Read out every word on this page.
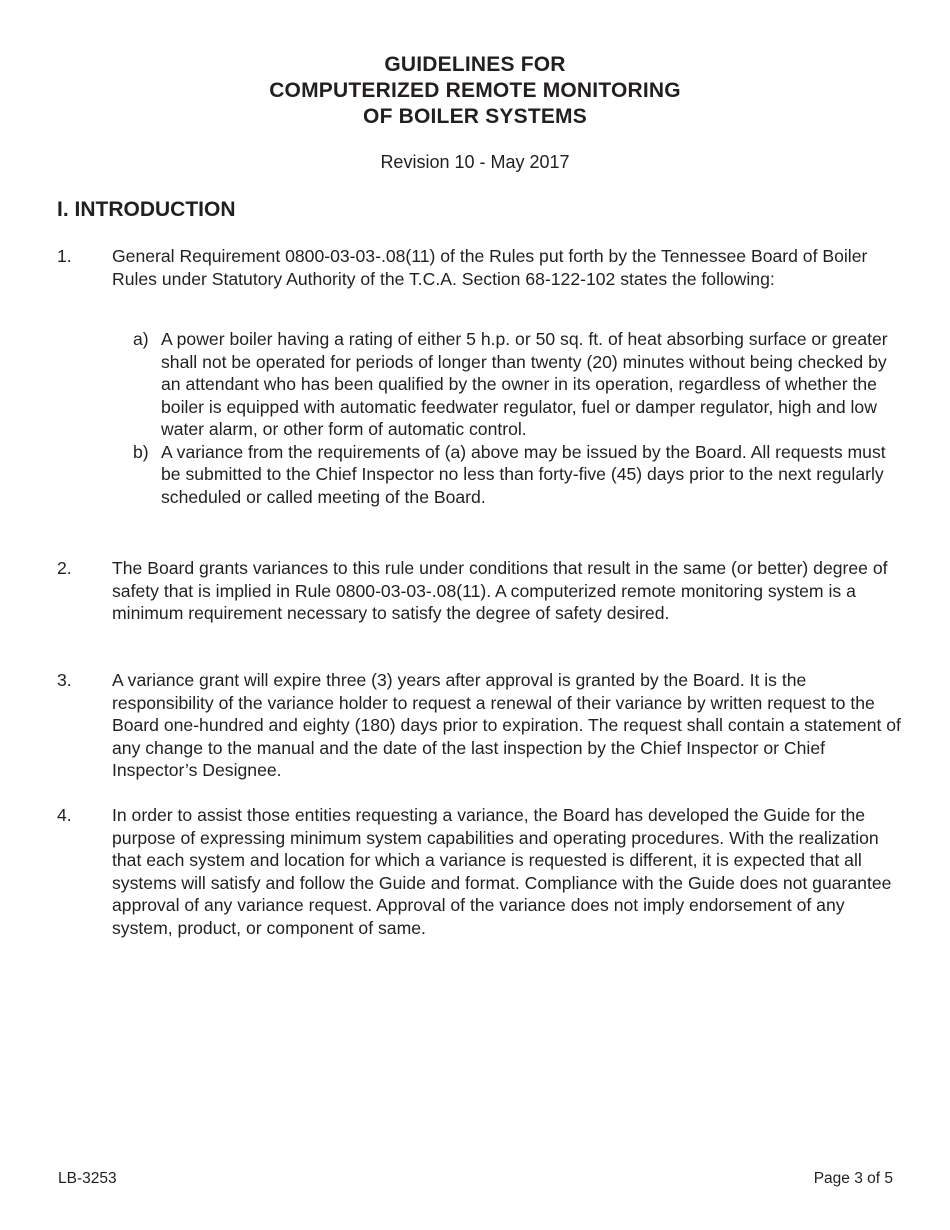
GUIDELINES FOR
COMPUTERIZED REMOTE MONITORING
OF BOILER SYSTEMS
Revision 10 - May 2017
I. INTRODUCTION
1. General Requirement 0800-03-03-.08(11) of the Rules put forth by the Tennessee Board of Boiler Rules under Statutory Authority of the T.C.A. Section 68-122-102 states the following:
a) A power boiler having a rating of either 5 h.p. or 50 sq. ft. of heat absorbing surface or greater shall not be operated for periods of longer than twenty (20) minutes without being checked by an attendant who has been qualified by the owner in its operation, regardless of whether the boiler is equipped with automatic feedwater regulator, fuel or damper regulator, high and low water alarm, or other form of automatic control.
b) A variance from the requirements of (a) above may be issued by the Board. All requests must be submitted to the Chief Inspector no less than forty-five (45) days prior to the next regularly scheduled or called meeting of the Board.
2. The Board grants variances to this rule under conditions that result in the same (or better) degree of safety that is implied in Rule 0800-03-03-.08(11). A computerized remote monitoring system is a minimum requirement necessary to satisfy the degree of safety desired.
3. A variance grant will expire three (3) years after approval is granted by the Board. It is the responsibility of the variance holder to request a renewal of their variance by written request to the Board one-hundred and eighty (180) days prior to expiration. The request shall contain a statement of any change to the manual and the date of the last inspection by the Chief Inspector or Chief Inspector’s Designee.
4. In order to assist those entities requesting a variance, the Board has developed the Guide for the purpose of expressing minimum system capabilities and operating procedures. With the realization that each system and location for which a variance is requested is different, it is expected that all systems will satisfy and follow the Guide and format. Compliance with the Guide does not guarantee approval of any variance request. Approval of the variance does not imply endorsement of any system, product, or component of same.
LB-3253	Page 3 of 5
